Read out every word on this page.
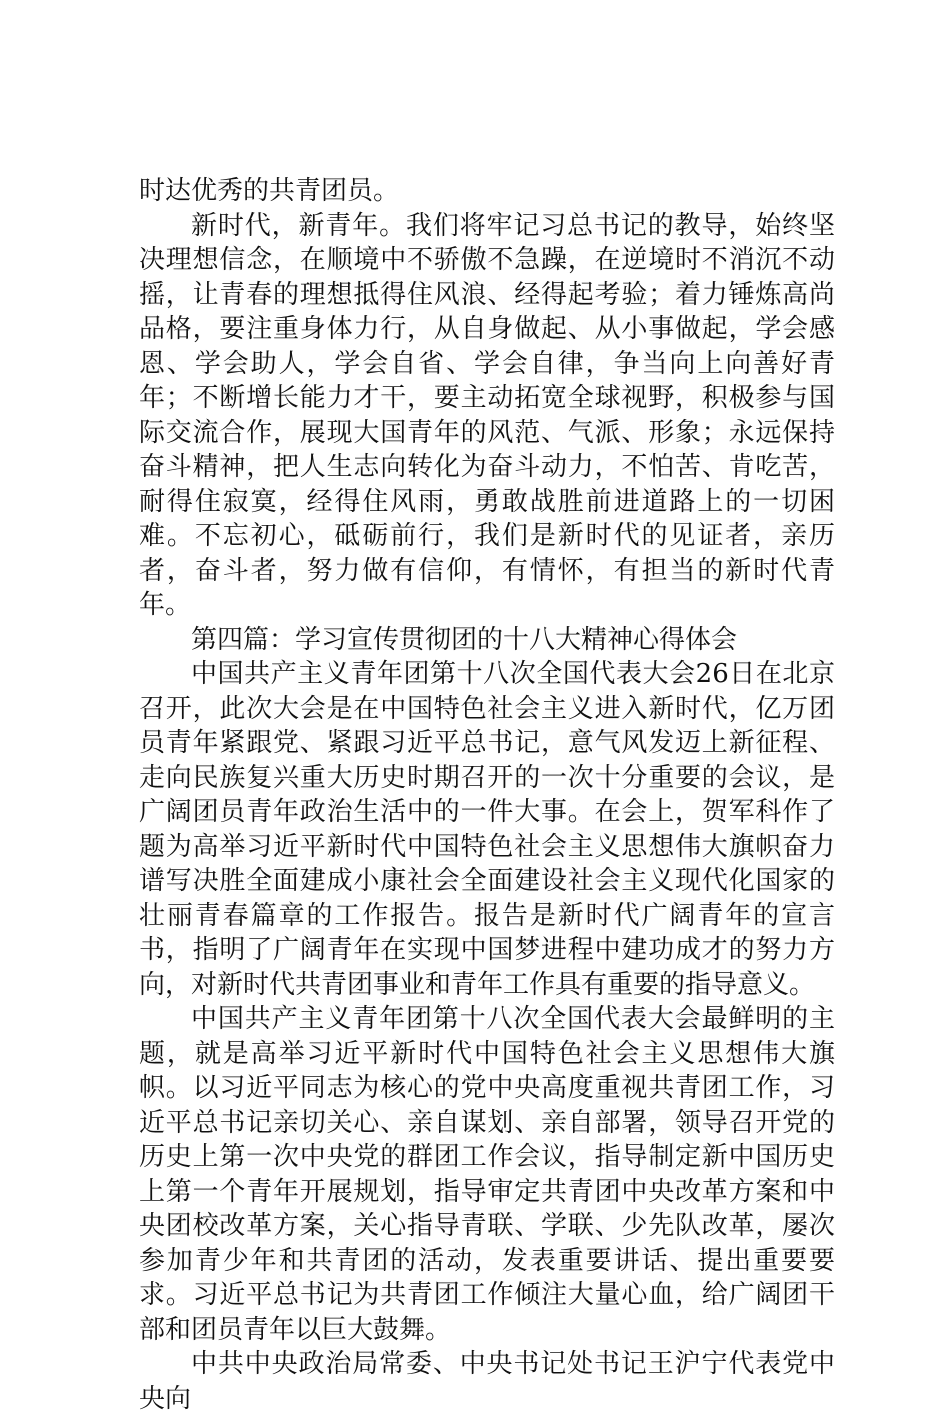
时达优秀的共青团员。

新时代，新青年。我们将牢记习总书记的教导，始终坚决理想信念，在顺境中不骄傲不急躁，在逆境时不消沉不动摇，让青春的理想抵得住风浪、经得起考验；着力锤炼高尚品格，要注重身体力行，从自身做起、从小事做起，学会感恩、学会助人，学会自省、学会自律，争当向上向善好青年；不断增长能力才干，要主动拓宽全球视野，积极参与国际交流合作，展现大国青年的风范、气派、形象；永远保持奋斗精神，把人生志向转化为奋斗动力，不怕苦、肯吃苦，耐得住寂寞，经得住风雨，勇敢战胜前进道路上的一切困难。不忘初心，砥砺前行，我们是新时代的见证者，亲历者，奋斗者，努力做有信仰，有情怀，有担当的新时代青年。

第四篇：学习宣传贯彻团的十八大精神心得体会

中国共产主义青年团第十八次全国代表大会26日在北京召开，此次大会是在中国特色社会主义进入新时代，亿万团员青年紧跟党、紧跟习近平总书记，意气风发迈上新征程、走向民族复兴重大历史时期召开的一次十分重要的会议，是广阔团员青年政治生活中的一件大事。在会上，贺军科作了题为高举习近平新时代中国特色社会主义思想伟大旗帜奋力谱写决胜全面建成小康社会全面建设社会主义现代化国家的壮丽青春篇章的工作报告。报告是新时代广阔青年的宣言书，指明了广阔青年在实现中国梦进程中建功成才的努力方向，对新时代共青团事业和青年工作具有重要的指导意义。

中国共产主义青年团第十八次全国代表大会最鲜明的主题，就是高举习近平新时代中国特色社会主义思想伟大旗帜。以习近平同志为核心的党中央高度重视共青团工作，习近平总书记亲切关心、亲自谋划、亲自部署，领导召开党的历史上第一次中央党的群团工作会议，指导制定新中国历史上第一个青年开展规划，指导审定共青团中央改革方案和中央团校改革方案，关心指导青联、学联、少先队改革，屡次参加青少年和共青团的活动，发表重要讲话、提出重要要求。习近平总书记为共青团工作倾注大量心血，给广阔团干部和团员青年以巨大鼓舞。

中共中央政治局常委、中央书记处书记王沪宁代表党中央向
